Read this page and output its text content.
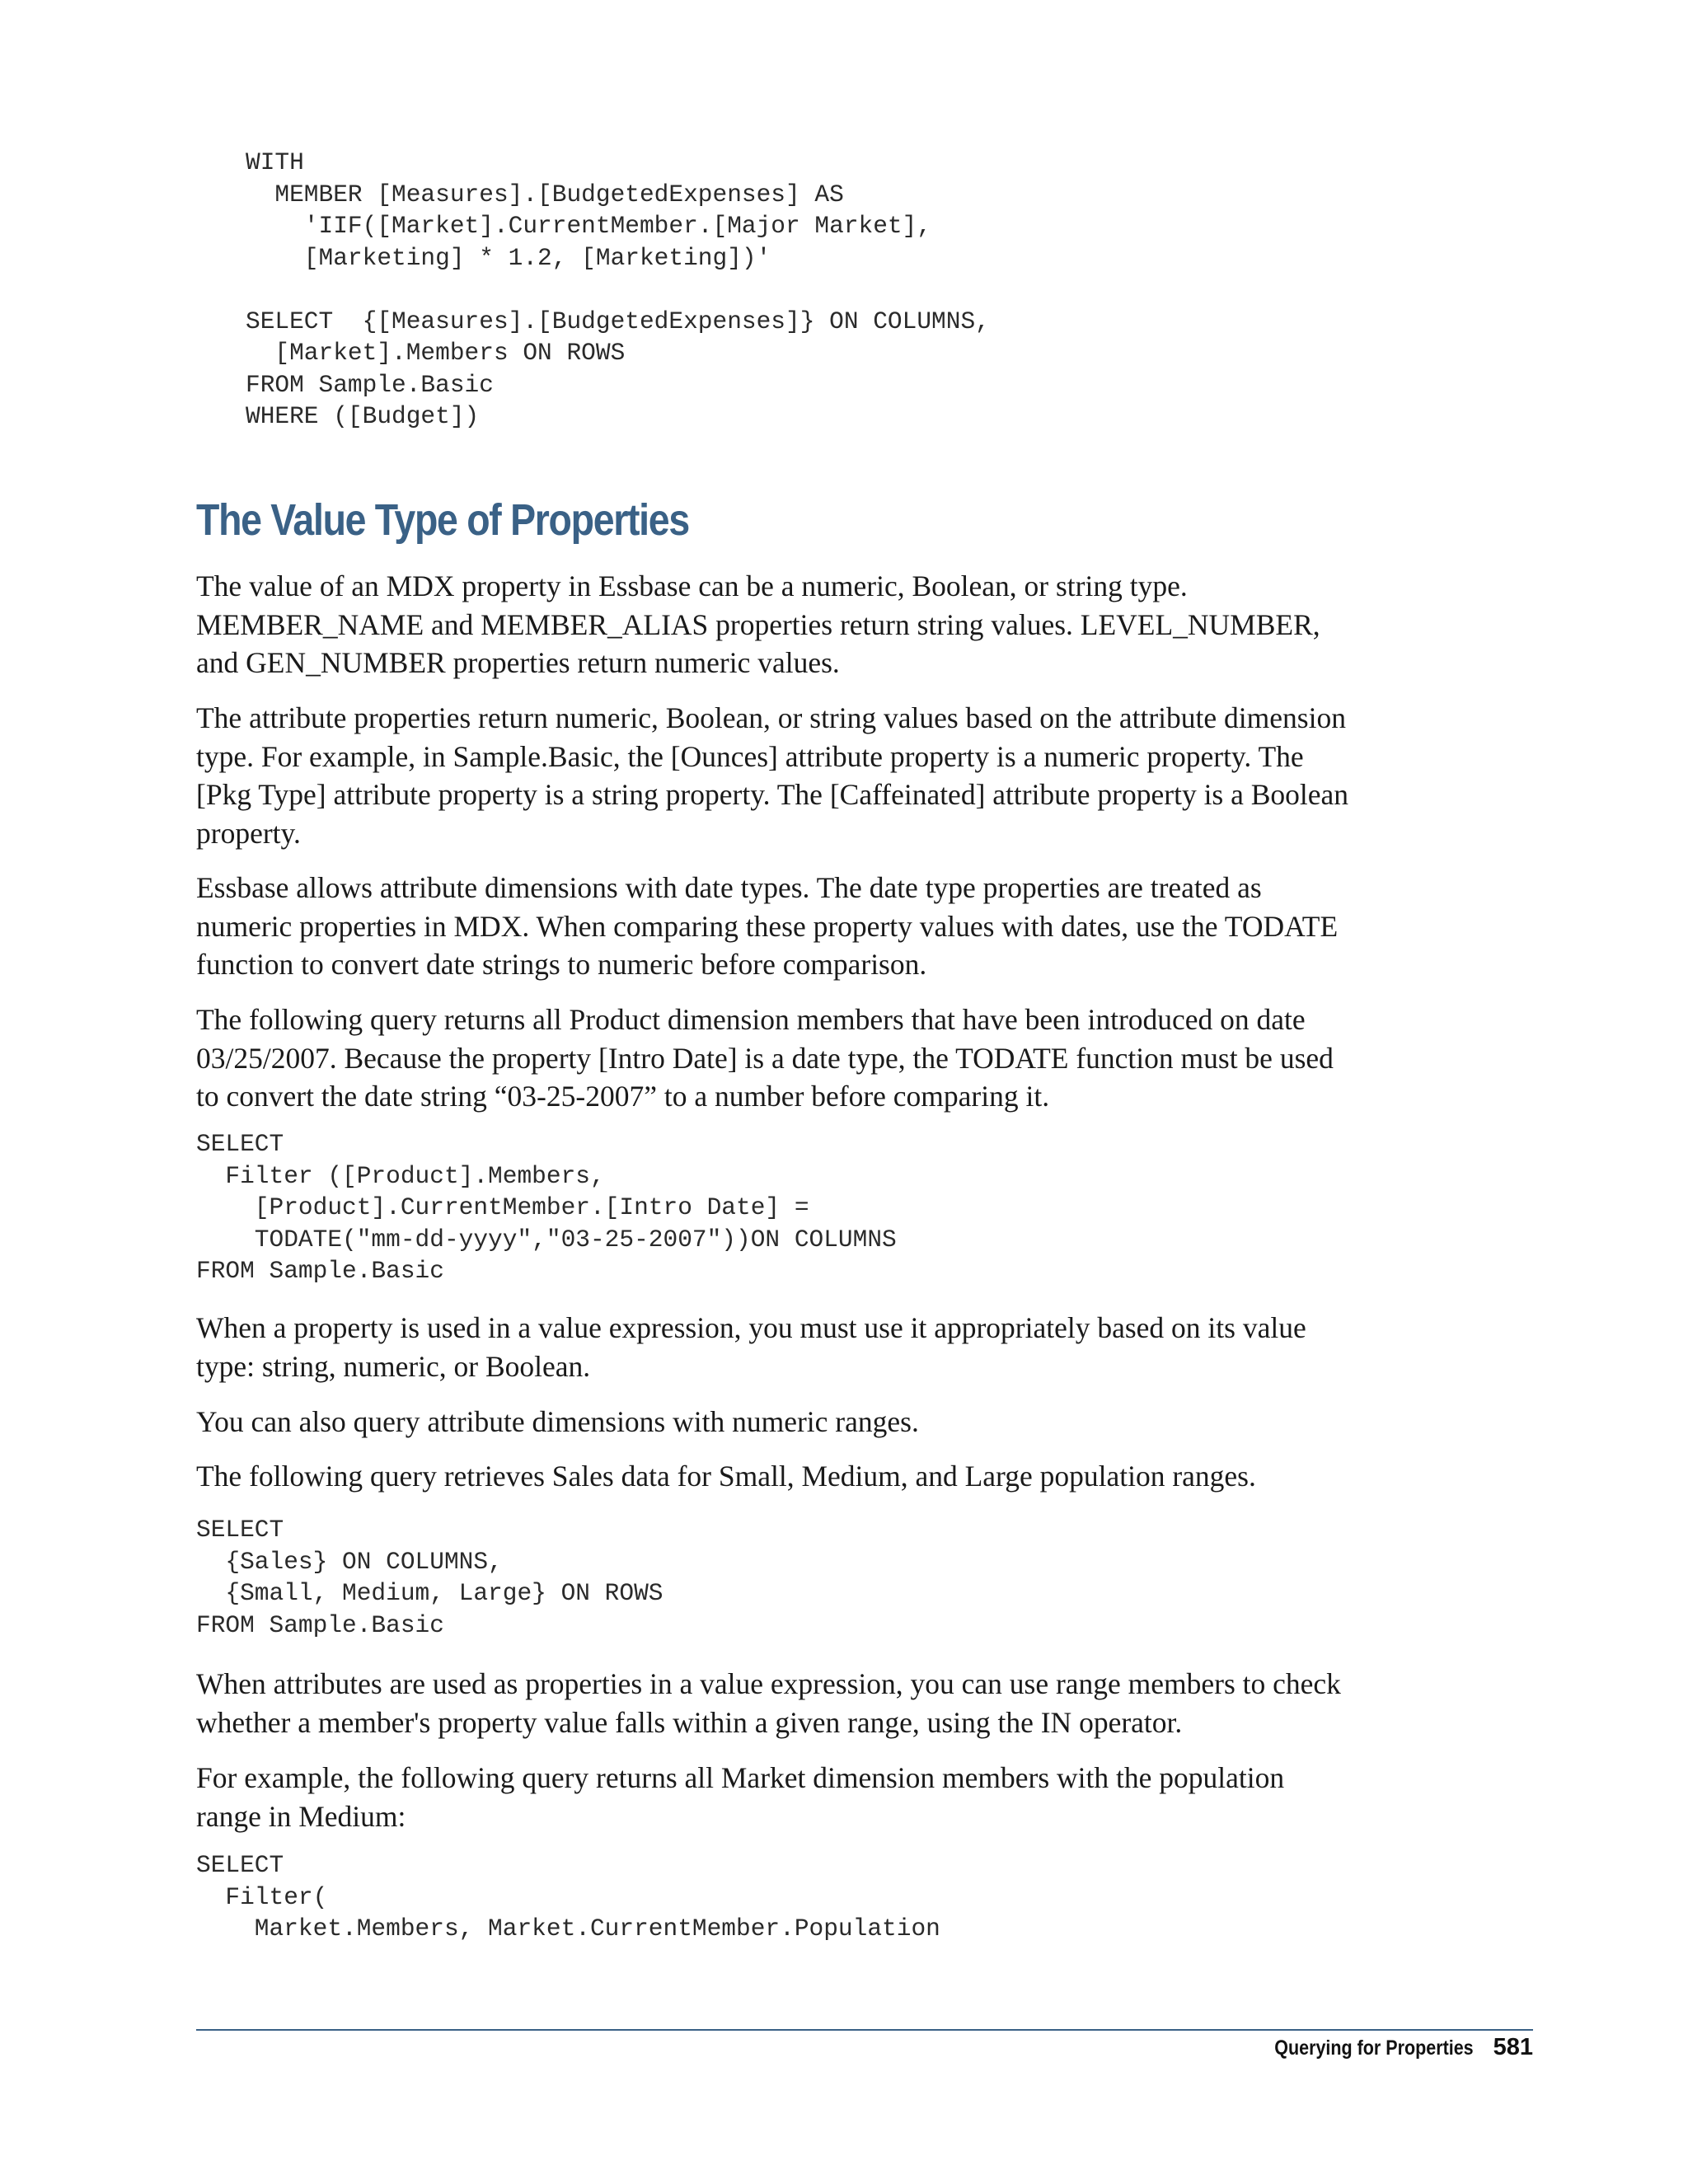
WITH
MEMBER [Measures].[BudgetedExpenses] AS
'IIF([Market].CurrentMember.[Major Market],
[Marketing] * 1.2, [Marketing])'

SELECT  {[Measures].[BudgetedExpenses]} ON COLUMNS,
[Market].Members ON ROWS
FROM Sample.Basic
WHERE ([Budget])
The Value Type of Properties

The value of an MDX property in Essbase can be a numeric, Boolean, or string type. MEMBER_NAME and MEMBER_ALIAS properties return string values. LEVEL_NUMBER, and GEN_NUMBER properties return numeric values.

The attribute properties return numeric, Boolean, or string values based on the attribute dimension type. For example, in Sample.Basic, the [Ounces] attribute property is a numeric property. The [Pkg Type] attribute property is a string property. The [Caffeinated] attribute property is a Boolean property.

Essbase allows attribute dimensions with date types. The date type properties are treated as numeric properties in MDX. When comparing these property values with dates, use the TODATE function to convert date strings to numeric before comparison.

The following query returns all Product dimension members that have been introduced on date 03/25/2007. Because the property [Intro Date] is a date type, the TODATE function must be used to convert the date string “03-25-2007” to a number before comparing it.

SELECT
Filter ([Product].Members,
[Product].CurrentMember.[Intro Date] =
TODATE("mm-dd-yyyy","03-25-2007"))ON COLUMNS
FROM Sample.Basic

When a property is used in a value expression, you must use it appropriately based on its value type: string, numeric, or Boolean.

You can also query attribute dimensions with numeric ranges.

The following query retrieves Sales data for Small, Medium, and Large population ranges.

SELECT
{Sales} ON COLUMNS,
{Small, Medium, Large} ON ROWS
FROM Sample.Basic

When attributes are used as properties in a value expression, you can use range members to check whether a member's property value falls within a given range, using the IN operator.

For example, the following query returns all Market dimension members with the population range in Medium:

SELECT
Filter(
Market.Members, Market.CurrentMember.Population
Querying for Properties 581
